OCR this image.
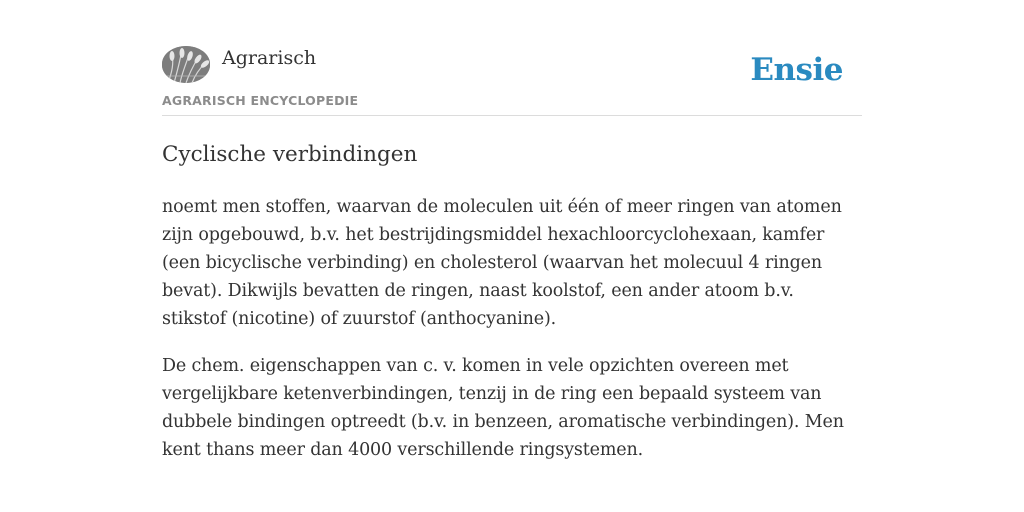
Agrarisch
AGRARISCH ENCYCLOPEDIE
Ensie
Cyclische verbindingen

noemt men stoffen, waarvan de moleculen uit één of meer ringen van atomen zijn opgebouwd, b.v. het bestrijdingsmiddel hexachloorcyclohexaan, kamfer (een bicyclische verbinding) en cholesterol (waarvan het molecuul 4 ringen bevat). Dikwijls bevatten de ringen, naast koolstof, een ander atoom b.v. stikstof (nicotine) of zuurstof (anthocyanine).

De chem. eigenschappen van c. v. komen in vele opzichten overeen met vergelijkbare ketenverbindingen, tenzij in de ring een bepaald systeem van dubbele bindingen optreedt (b.v. in benzeen, aromatische verbindingen). Men kent thans meer dan 4000 verschillende ringsystemen.
